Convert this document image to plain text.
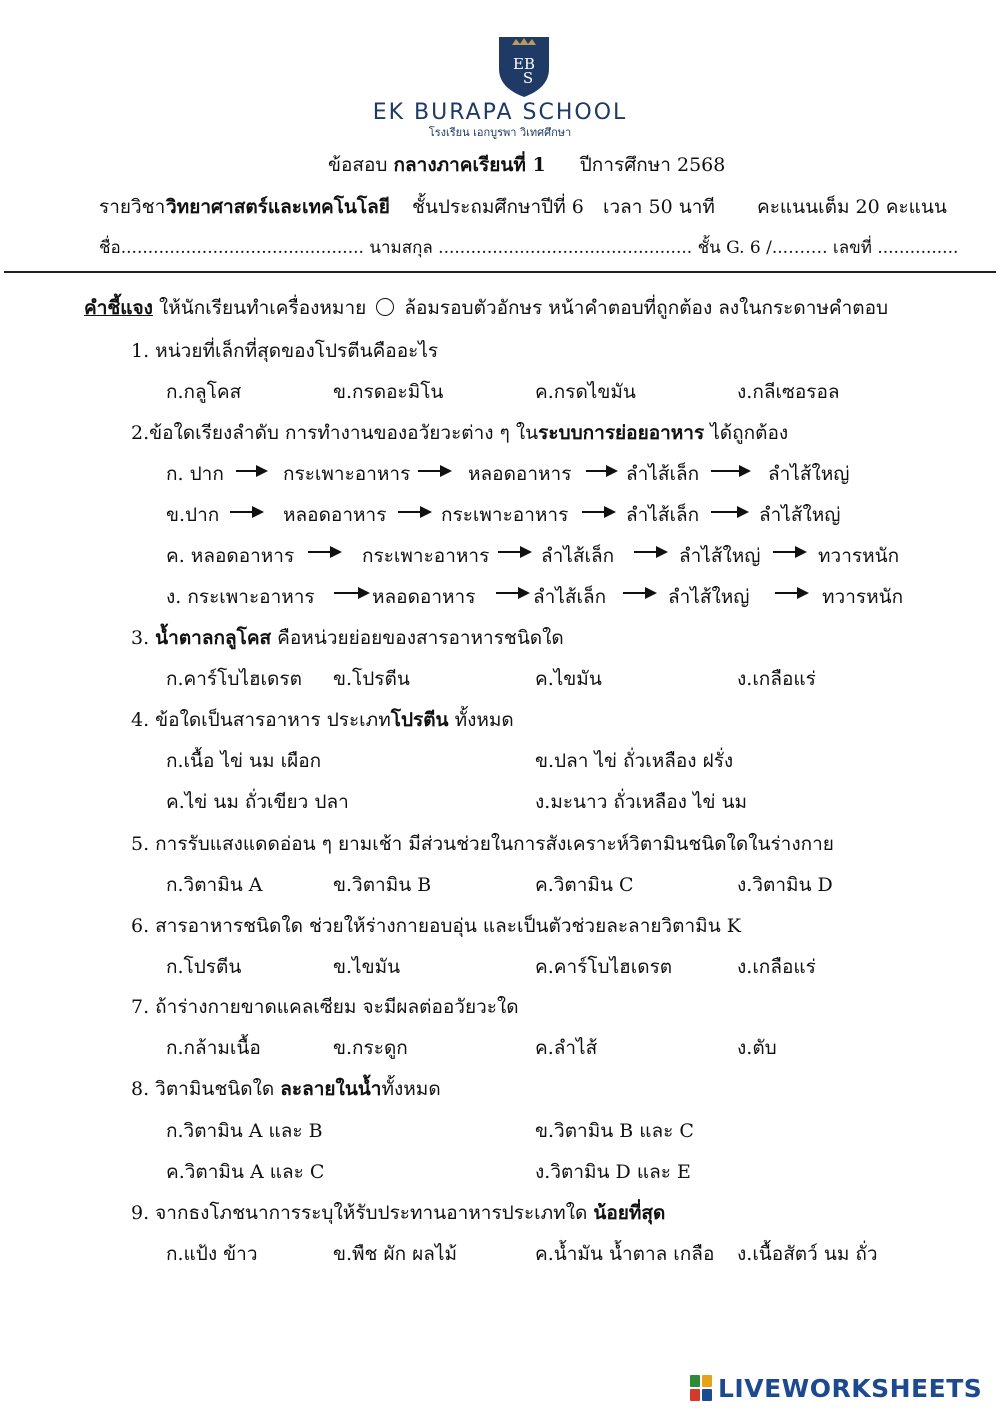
EB
S
EK BURAPA SCHOOL
โรงเรียน เอกบูรพา วิเทศศึกษา
ข้อสอบ กลางภาคเรียนที่ 1 ปีการศึกษา 2568
รายวิชา วิทยาศาสตร์และเทคโนโลยี ชั้นประถมศึกษาปีที่ 6 เวลา 50 นาที คะแนนเต็ม 20 คะแนน
ชื่อ............................................. นามสกุล ............................................... ชั้น G. 6 /...……. เลขที่ ...............
คำชี้แจง ให้นักเรียนทำเครื่องหมาย ○ ล้อมรอบตัวอักษร หน้าคำตอบที่ถูกต้อง ลงในกระดาษคำตอบ
1. หน่วยที่เล็กที่สุดของโปรตีนคืออะไร
ก.กลูโคส	ข.กรดอะมิโน	ค.กรดไขมัน	ง.กลีเซอรอล
2.ข้อใดเรียงลำดับ การทำงานของอวัยวะต่าง ๆ ในระบบการย่อยอาหาร ได้ถูกต้อง
ก. ปาก	กระเพาะอาหาร	หลอดอาหาร	ลำไส้เล็ก	ลำไส้ใหญ่
ข.ปาก	หลอดอาหาร	กระเพาะอาหาร	ลำไส้เล็ก	ลำไส้ใหญ่
ค. หลอดอาหาร	กระเพาะอาหาร	ลำไส้เล็ก	ลำไส้ใหญ่	ทวารหนัก
ง. กระเพาะอาหาร	หลอดอาหาร	ลำไส้เล็ก	ลำไส้ใหญ่	ทวารหนัก
3. น้ำตาลกลูโคส คือหน่วยย่อยของสารอาหารชนิดใด
ก.คาร์โบไฮเดรต ข.โปรตีน	ค.ไขมัน	ง.เกลือแร่
4. ข้อใดเป็นสารอาหาร ประเภทโปรตีน ทั้งหมด
ก.เนื้อ ไข่ นม เผือก	ข.ปลา ไข่ ถั่วเหลือง ฝรั่ง
ค.ไข่ นม ถั่วเขียว ปลา	ง.มะนาว ถั่วเหลือง ไข่ นม
5. การรับแสงแดดอ่อน ๆ ยามเช้า มีส่วนช่วยในการสังเคราะห์วิตามินชนิดใดในร่างกาย
ก.วิตามิน A	ข.วิตามิน B	ค.วิตามิน C	ง.วิตามิน D
6. สารอาหารชนิดใด ช่วยให้ร่างกายอบอุ่น และเป็นตัวช่วยละลายวิตามิน K
ก.โปรตีน	ข.ไขมัน	ค.คาร์โบไฮเดรต	ง.เกลือแร่
7. ถ้าร่างกายขาดแคลเซียม จะมีผลต่ออวัยวะใด
ก.กล้ามเนื้อ	ข.กระดูก	ค.ลำไส้	ง.ตับ
8. วิตามินชนิดใด ละลายในน้ำทั้งหมด
ก.วิตามิน A และ B	ข.วิตามิน B และ C
ค.วิตามิน A และ C	ง.วิตามิน D และ E
9. จากธงโภชนาการระบุให้รับประทานอาหารประเภทใด น้อยที่สุด
ก.แป้ง ข้าว	ข.พืช ผัก ผลไม้	ค.น้ำมัน น้ำตาล เกลือ ง.เนื้อสัตว์ นม ถั่ว
LIVEWORKSHEETS
